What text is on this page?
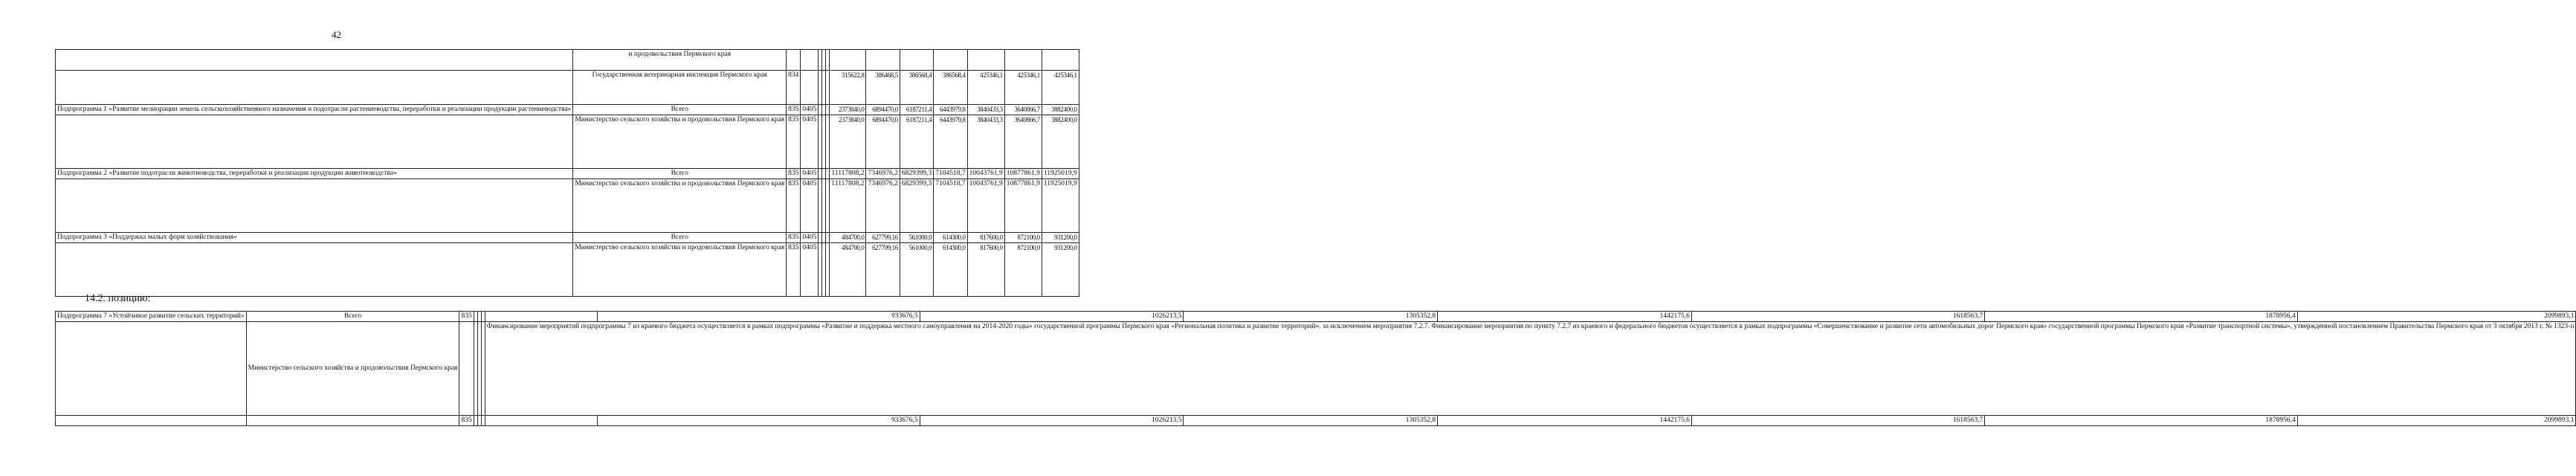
42
	и продовольствия Пермского края												
	Государственная ветеринарная инспекция Пермского края	834					315622,8	386468,5	386568,4	386568,4	425346,1	425346,1	425346,1
Подпрограмма 1 «Развитие мелиорации земель сельскохозяйственного назначения и подотрасли растениеводства, переработки и реализации продукции растениеводства»	Всего	835	0405				2373840,0	6894470,0	6187211,4	6443979,8	3840433,3	3640866,7	3882400,0
	Министерство сельского хозяйства и продовольствия Пермского края	835	0405				2373840,0	6894470,0	6187211,4	6443979,8	3840433,3	3640866,7	3882400,0
Подпрограмма 2 «Развитие подотрасли животноводства, переработки и реализации продукции животноводства»	Всего	835	0405				11117808,2	7346976,2	6829399,3	7104518,7	10043761,9	10877861,9	11925019,9
	Министерство сельского хозяйства и продовольствия Пермского края	835	0405				11117808,2	7346976,2	6829399,3	7104518,7	10043761,9	10877861,9	11925019,9
Подпрограмма 3 «Поддержка малых форм хозяйствования»	Всего	835	0405				484700,0	627799,16	561000,0	614300,0	817600,0	872100,0	931200,0
	Министерство сельского хозяйства и продовольствия Пермского края	835	0405				484700,0	627799,16	561000,0	614300,0	817600,0	872100,0	931200,0
14.2. позицию:
Подпрограмма 7 «Устойчивое развитие сельских территорий»	Всего	835					933676,5	1026213,5	1305352,8	1442175,6	1618563,7	1878956,4	2099893,1
	Министерство сельского хозяйства и продовольствия Пермского края					Финансирование мероприятий подпрограммы 7 из краевого бюджета осуществляется в рамках подпрограммы «Развитие и поддержка местного самоуправления на 2014-2020 годы» государственной программы Пермского края «Региональная политика и развитие территорий», за исключением мероприятия 7.2.7. Финансирование мероприятия по пункту 7.2.7 из краевого и федерального бюджетов осуществляется в рамках подпрограммы «Совершенствование и развитие сети автомобильных дорог Пермского края» государственной программы Пермского края «Развитие транспортной системы», утвержденной постановлением Правительства Пермского края от 3 октября 2013 г. № 1323-п							
		835					933676,5	1026213,5	1305352,8	1442175,6	1618563,7	1878956,4	2099893,1
